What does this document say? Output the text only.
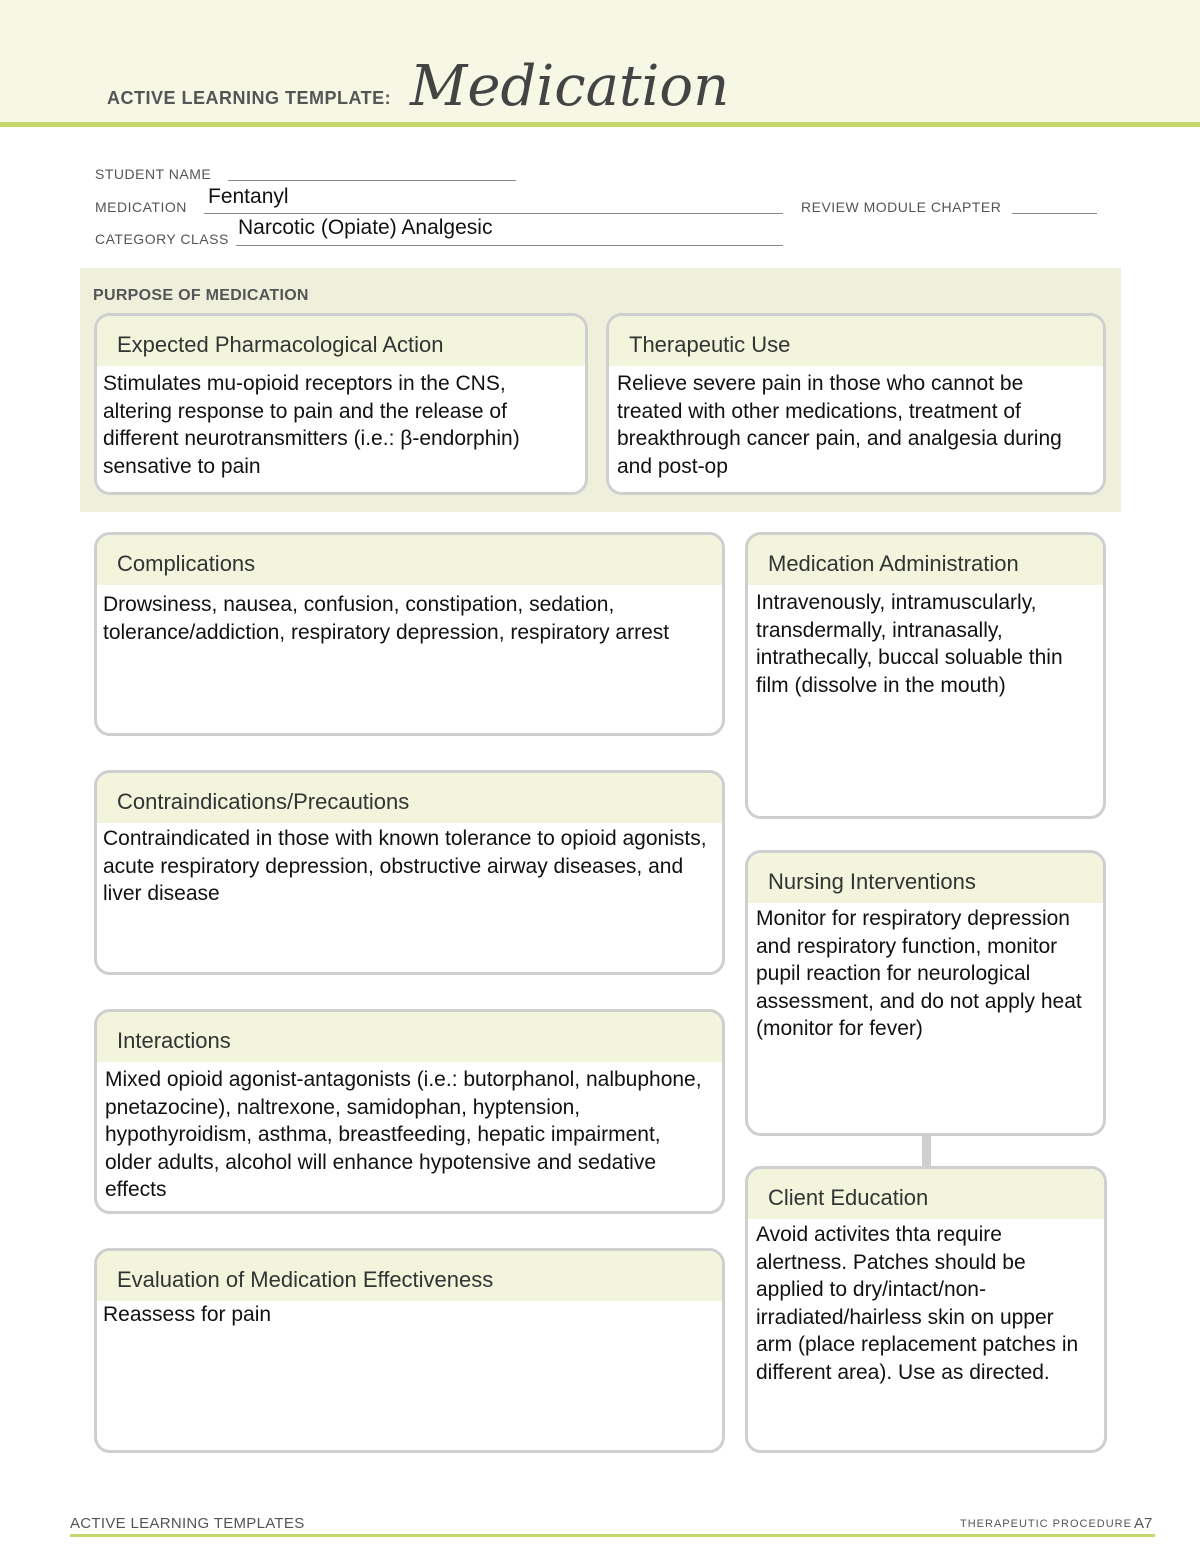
ACTIVE LEARNING TEMPLATE: Medication
STUDENT NAME
MEDICATION Fentanyl	REVIEW MODULE CHAPTER
CATEGORY CLASS Narcotic (Opiate) Analgesic
PURPOSE OF MEDICATION
Expected Pharmacological Action
Stimulates mu-opioid receptors in the CNS, altering response to pain and the release of different neurotransmitters (i.e.: β-endorphin) sensative to pain
Therapeutic Use
Relieve severe pain in those who cannot be treated with other medications, treatment of breakthrough cancer pain, and analgesia during and post-op
Complications
Drowsiness, nausea, confusion, constipation, sedation, tolerance/addiction, respiratory depression, respiratory arrest
Contraindications/Precautions
Contraindicated in those with known tolerance to opioid agonists, acute respiratory depression, obstructive airway diseases, and liver disease
Interactions
Mixed opioid agonist-antagonists (i.e.: butorphanol, nalbuphone, pnetazocine), naltrexone, samidophan, hyptension, hypothyroidism, asthma, breastfeeding, hepatic impairment, older adults, alcohol will enhance hypotensive and sedative effects
Evaluation of Medication Effectiveness
Reassess for pain
Medication Administration
Intravenously, intramuscularly, transdermally, intranasally, intrathecally, buccal soluable thin film (dissolve in the mouth)
Nursing Interventions
Monitor for respiratory depression and respiratory function, monitor pupil reaction for neurological assessment, and do not apply heat (monitor for fever)
Client Education
Avoid activites thta require alertness. Patches should be applied to dry/intact/non-irradiated/hairless skin on upper arm (place replacement patches in different area). Use as directed.
ACTIVE LEARNING TEMPLATES	THERAPEUTIC PROCEDURE A7
